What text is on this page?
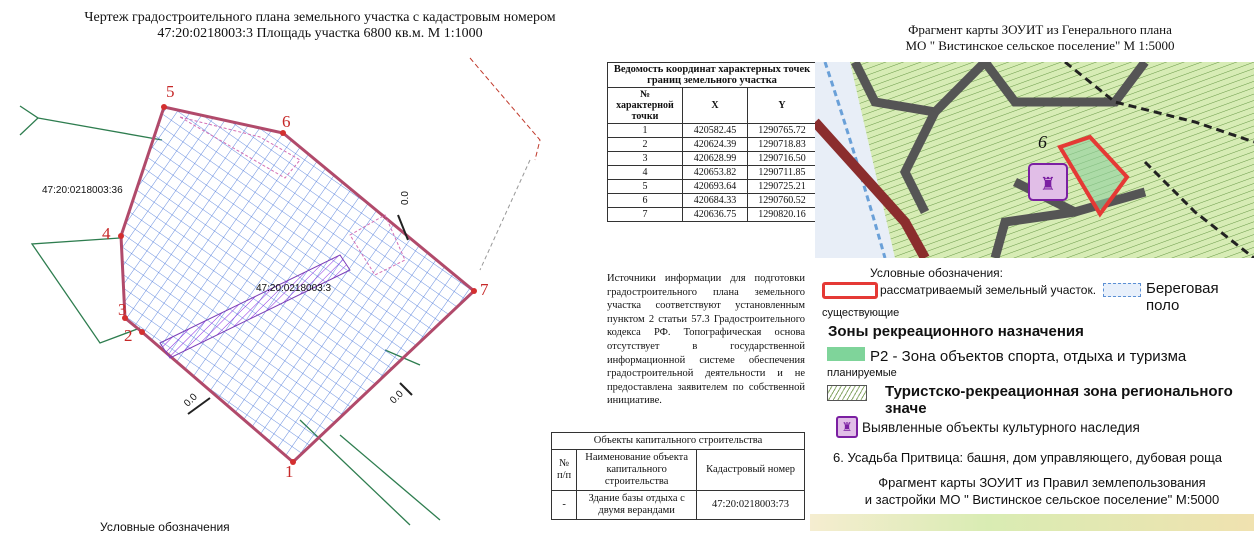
Чертеж градостроительного плана земельного участка с кадастровым номером
47:20:0218003:3 Площадь участка 6800 кв.м. М 1:1000
1
2
3
4
5
6
7
47:20:0218003:36
47:20:0218003:3
0.0
0.0
0.0
Условные обозначения
Ведомость координат характерных точек границ земельного участка		
№ характерной точки	X	Y
1	420582.45	1290765.72
2	420624.39	1290718.83
3	420628.99	1290716.50
4	420653.82	1290711.85
5	420693.64	1290725.21
6	420684.33	1290760.52
7	420636.75	1290820.16
Источники информации для подготовки градостроительного плана земельного участка соответствуют установленным пунктом 2 статьи 57.3 Градостроительного кодекса РФ. Топографическая основа отсутствует в государственной информационной системе обеспечения градостроительной деятельности и не предоставлена заявителем по собственной инициативе.
Объекты капитального строительства		
№ п/п	Наименование объекта капитального строительства	Кадастровый номер
-	Здание базы отдыха с двумя верандами	47:20:0218003:73
Фрагмент карты ЗОУИТ из Генерального плана
МО " Вистинское сельское поселение" М 1:5000
♜
6
Условные обозначения:
рассматриваемый земельный участок.	Береговая поло
существующие
Зоны рекреационного назначения
Р2 - Зона объектов спорта, отдыха и туризма
планируемые
Туристско-рекреационная зона регионального значе
♜ Выявленные объекты культурного наследия
6. Усадьба Притвица: башня, дом управляющего, дубовая роща
Фрагмент карты ЗОУИТ из Правил землепользования
и застройки МО " Вистинское сельское поселение" М:5000
